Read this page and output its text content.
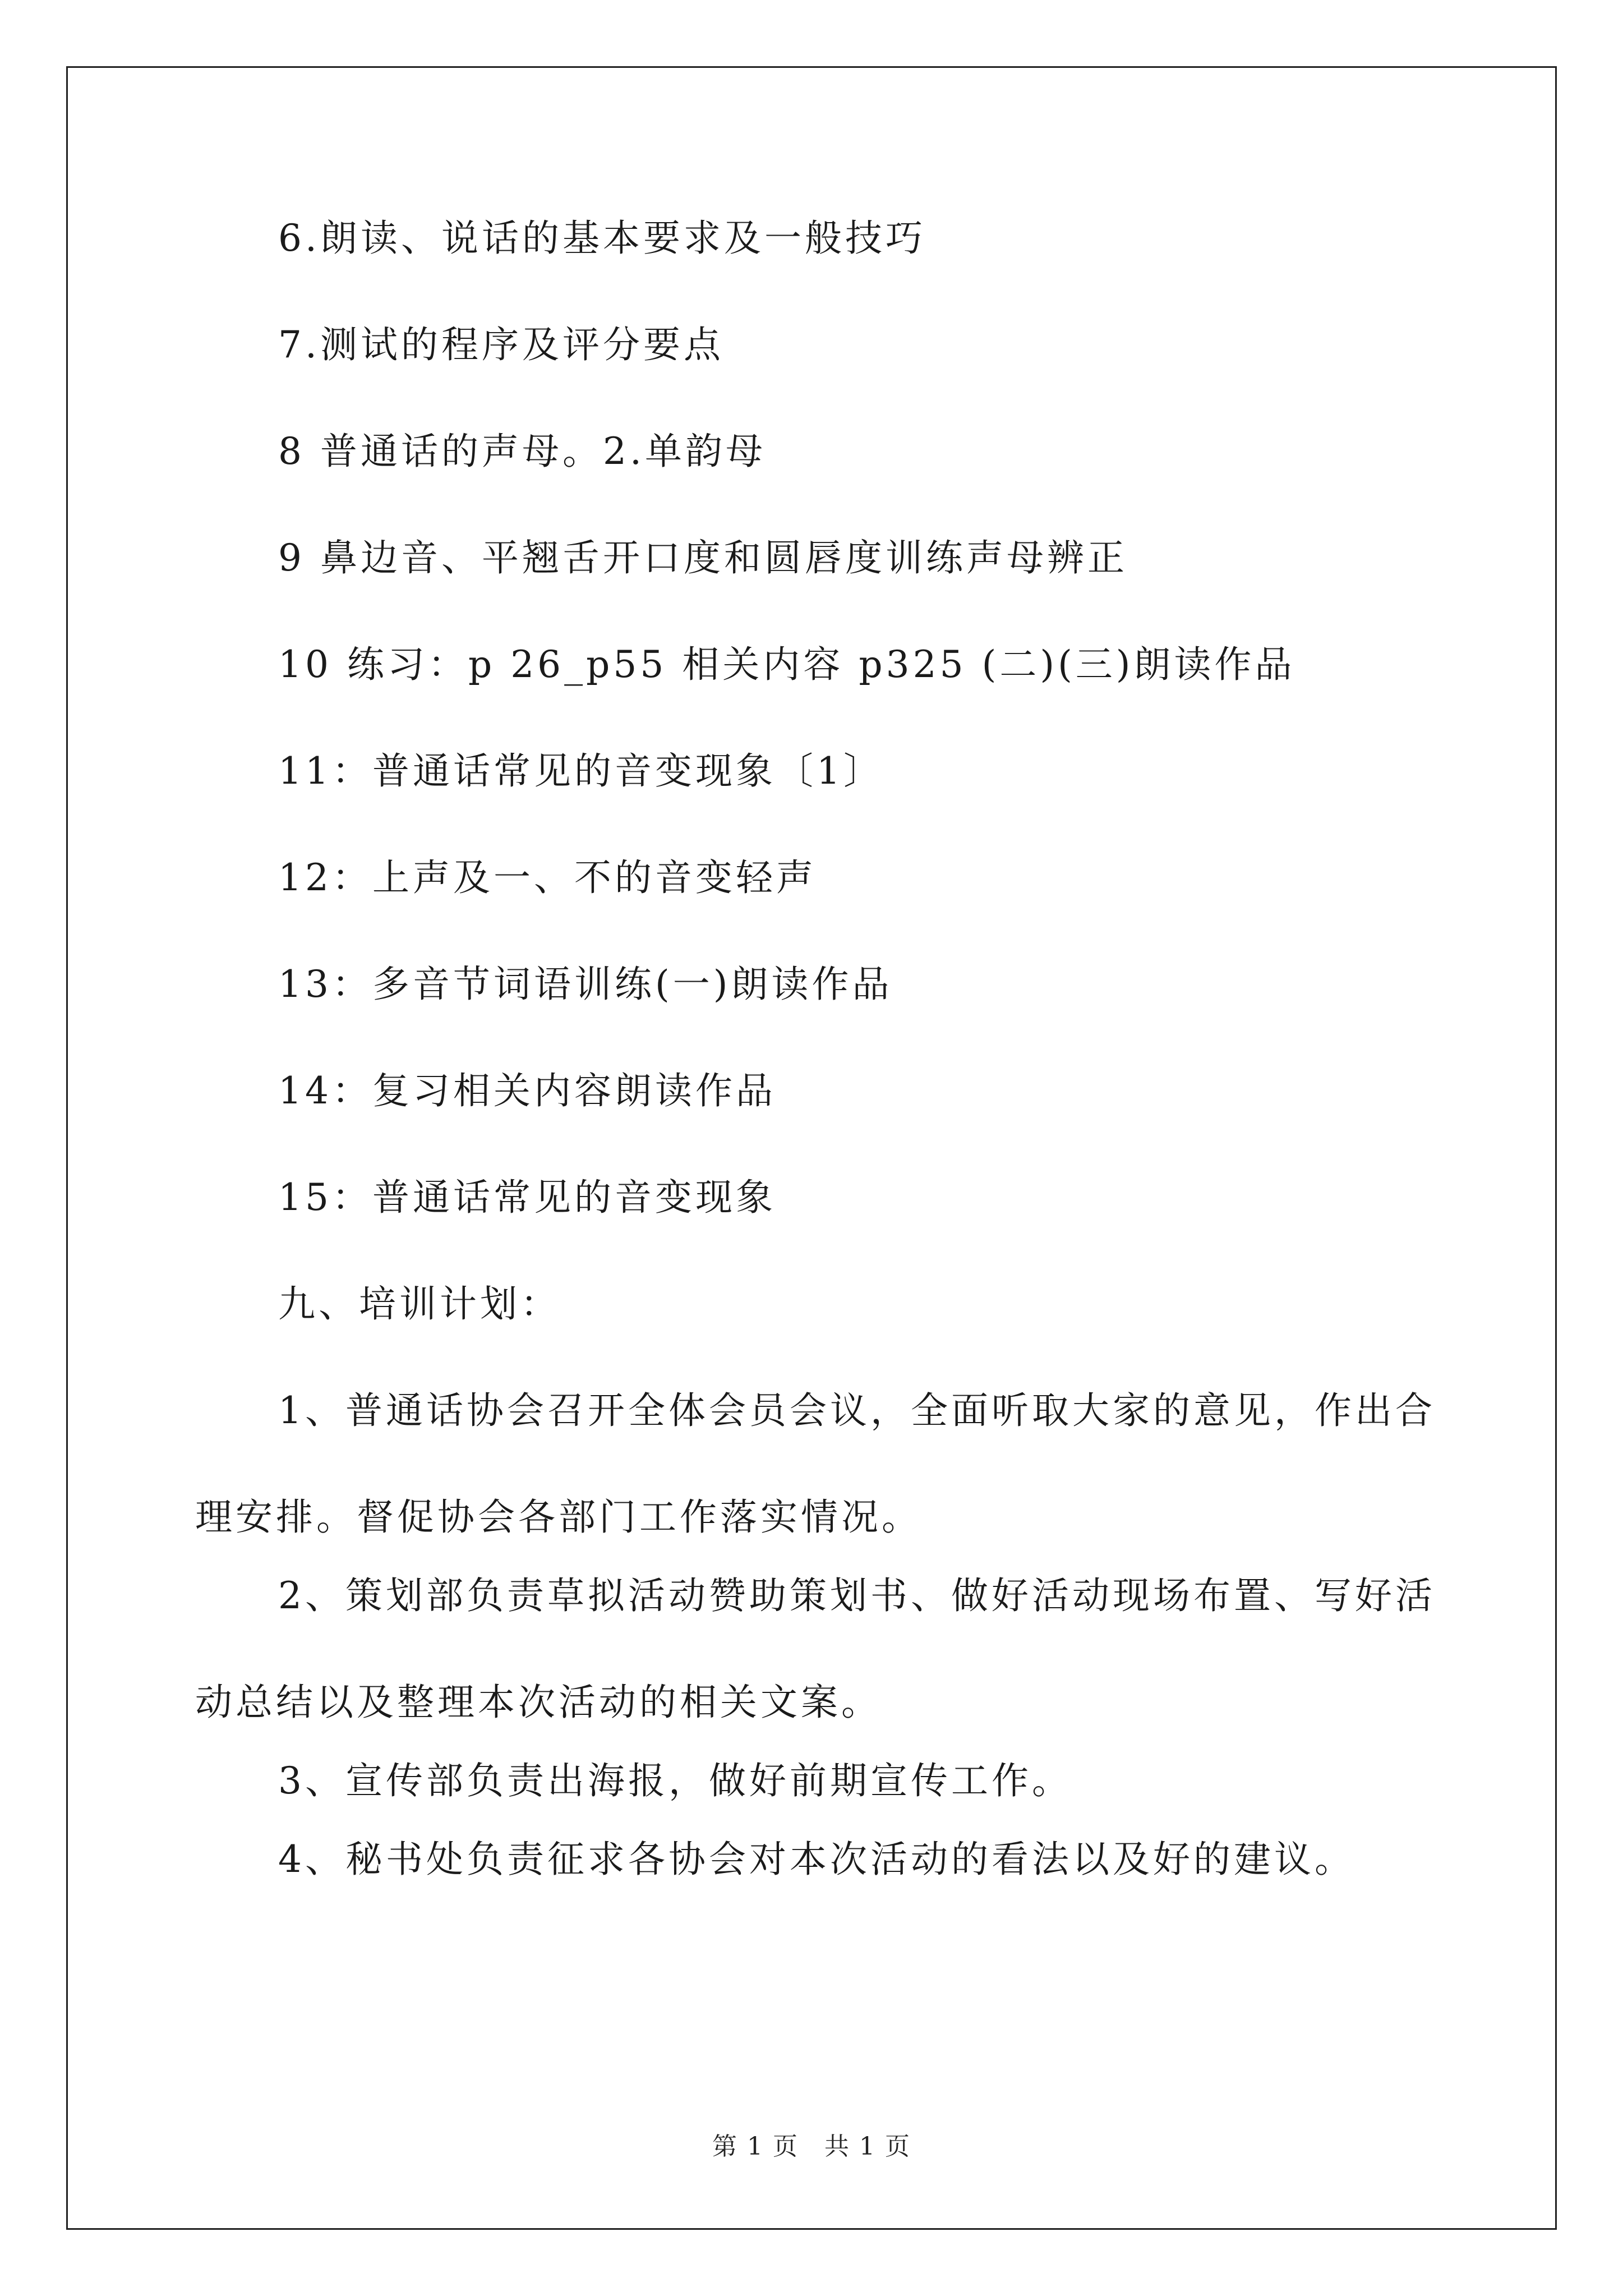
6.朗读、说话的基本要求及一般技巧

7.测试的程序及评分要点

8 普通话的声母。2.单韵母

9 鼻边音、平翘舌开口度和圆唇度训练声母辨正

10 练习：p 26_p55 相关内容 p325 (二)(三)朗读作品

11：普通话常见的音变现象〔1〕

12：上声及一、不的音变轻声

13：多音节词语训练(一)朗读作品

14：复习相关内容朗读作品

15：普通话常见的音变现象

九、培训计划：

1、普通话协会召开全体会员会议，全面听取大家的意见，作出合理安排。督促协会各部门工作落实情况。

2、策划部负责草拟活动赞助策划书、做好活动现场布置、写好活动总结以及整理本次活动的相关文案。

3、宣传部负责出海报，做好前期宣传工作。

4、秘书处负责征求各协会对本次活动的看法以及好的建议。

第 1 页　共 1 页
